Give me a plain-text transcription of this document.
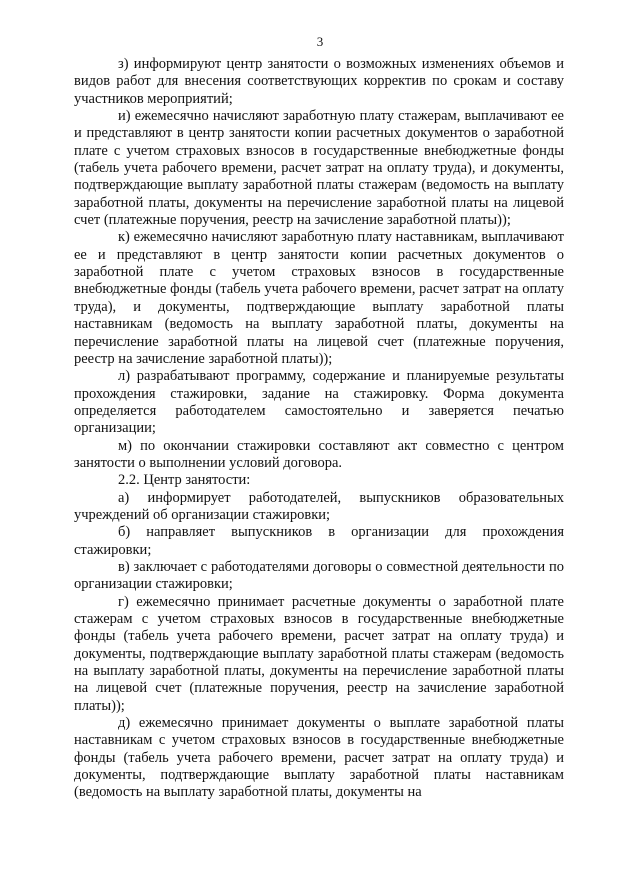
3

з) информируют центр занятости о возможных изменениях объемов и видов работ для внесения соответствующих корректив по срокам и составу участников мероприятий;

и) ежемесячно начисляют заработную плату стажерам, выплачивают ее и представляют в центр занятости копии расчетных документов о заработной плате с учетом страховых взносов в государственные внебюджетные фонды (табель учета рабочего времени, расчет затрат на оплату труда), и документы, подтверждающие выплату заработной платы стажерам (ведомость на выплату заработной платы, документы на перечисление заработной платы на лицевой счет (платежные поручения, реестр на зачисление заработной платы));

к) ежемесячно начисляют заработную плату наставникам, выплачивают ее и представляют в центр занятости копии расчетных документов о заработной плате с учетом страховых взносов в государственные внебюджетные фонды (табель учета рабочего времени, расчет затрат на оплату труда), и документы, подтверждающие выплату заработной платы наставникам (ведомость на выплату заработной платы, документы на перечисление заработной платы на лицевой счет (платежные поручения, реестр на зачисление заработной платы));

л) разрабатывают программу, содержание и планируемые результаты прохождения стажировки, задание на стажировку. Форма документа определяется работодателем самостоятельно и заверяется печатью организации;

м) по окончании стажировки составляют акт совместно с центром занятости о выполнении условий договора.

2.2. Центр занятости:

а) информирует работодателей, выпускников образовательных учреждений об организации стажировки;

б) направляет выпускников в организации для прохождения стажировки;

в) заключает с работодателями договоры о совместной деятельности по организации стажировки;

г) ежемесячно принимает расчетные документы о заработной плате стажерам с учетом страховых взносов в государственные внебюджетные фонды (табель учета рабочего времени, расчет затрат на оплату труда) и документы, подтверждающие выплату заработной платы стажерам (ведомость на выплату заработной платы, документы на перечисление заработной платы на лицевой счет (платежные поручения, реестр на зачисление заработной платы));

д) ежемесячно принимает документы о выплате заработной платы наставникам с учетом страховых взносов в государственные внебюджетные фонды (табель учета рабочего времени, расчет затрат на оплату труда) и документы, подтверждающие выплату заработной платы наставникам (ведомость на выплату заработной платы, документы на
